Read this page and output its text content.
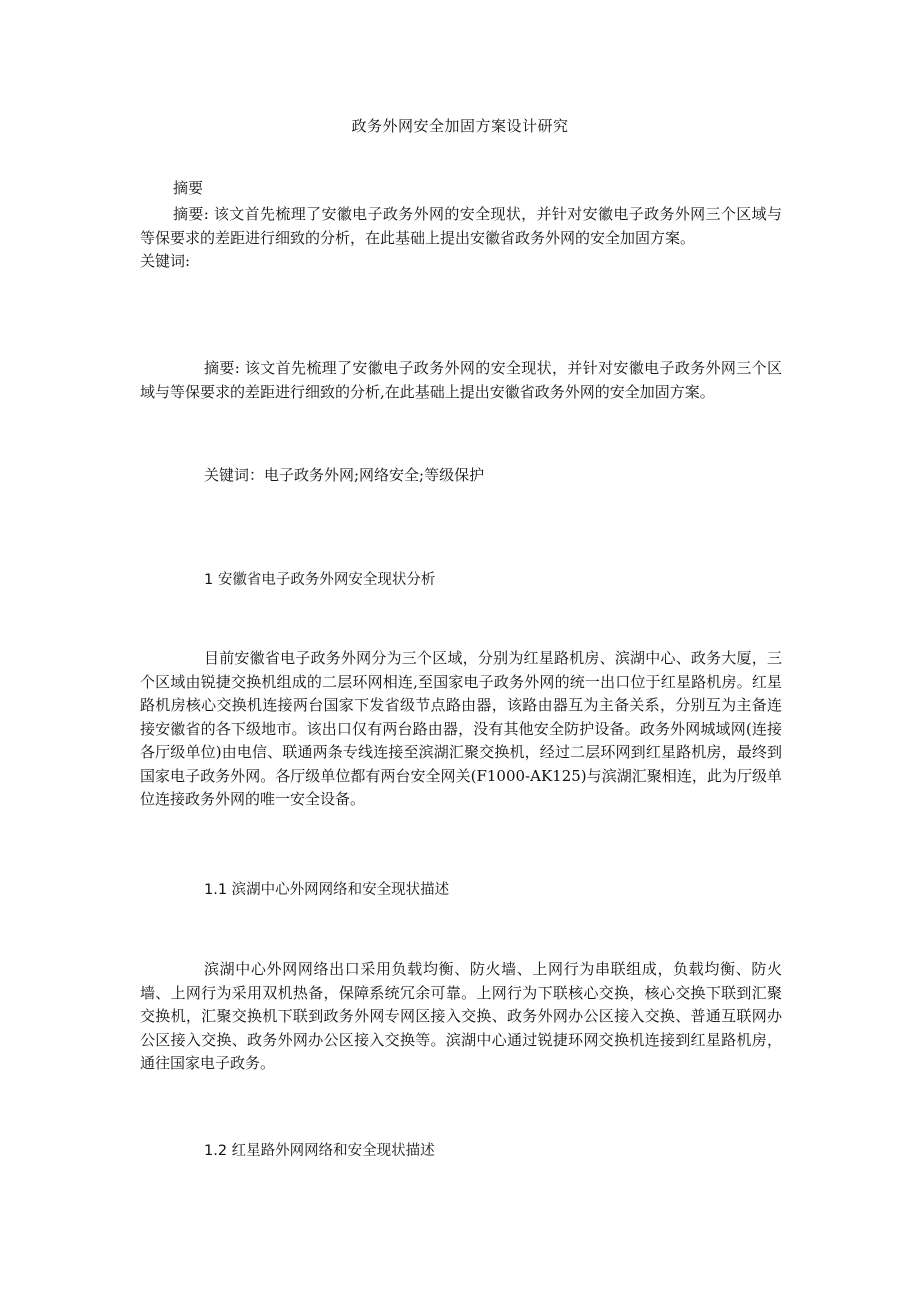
政务外网安全加固方案设计研究
摘要

摘要: 该文首先梳理了安徽电子政务外网的安全现状，并针对安徽电子政务外网三个区域与等保要求的差距进行细致的分析，在此基础上提出安徽省政务外网的安全加固方案。

关键词:

摘要: 该文首先梳理了安徽电子政务外网的安全现状，并针对安徽电子政务外网三个区域与等保要求的差距进行细致的分析,在此基础上提出安徽省政务外网的安全加固方案。

关键词：电子政务外网;网络安全;等级保护
1 安徽省电子政务外网安全现状分析

目前安徽省电子政务外网分为三个区域，分别为红星路机房、滨湖中心、政务大厦，三个区域由锐捷交换机组成的二层环网相连,至国家电子政务外网的统一出口位于红星路机房。红星路机房核心交换机连接两台国家下发省级节点路由器，该路由器互为主备关系，分别互为主备连接安徽省的各下级地市。该出口仅有两台路由器，没有其他安全防护设备。政务外网城域网(连接各厅级单位)由电信、联通两条专线连接至滨湖汇聚交换机，经过二层环网到红星路机房，最终到国家电子政务外网。各厅级单位都有两台安全网关(F1000-AK125)与滨湖汇聚相连，此为厅级单位连接政务外网的唯一安全设备。

1.1 滨湖中心外网网络和安全现状描述

滨湖中心外网网络出口采用负载均衡、防火墙、上网行为串联组成，负载均衡、防火墙、上网行为采用双机热备，保障系统冗余可靠。上网行为下联核心交换，核心交换下联到汇聚交换机，汇聚交换机下联到政务外网专网区接入交换、政务外网办公区接入交换、普通互联网办公区接入交换、政务外网办公区接入交换等。滨湖中心通过锐捷环网交换机连接到红星路机房，通往国家电子政务。

1.2 红星路外网网络和安全现状描述
